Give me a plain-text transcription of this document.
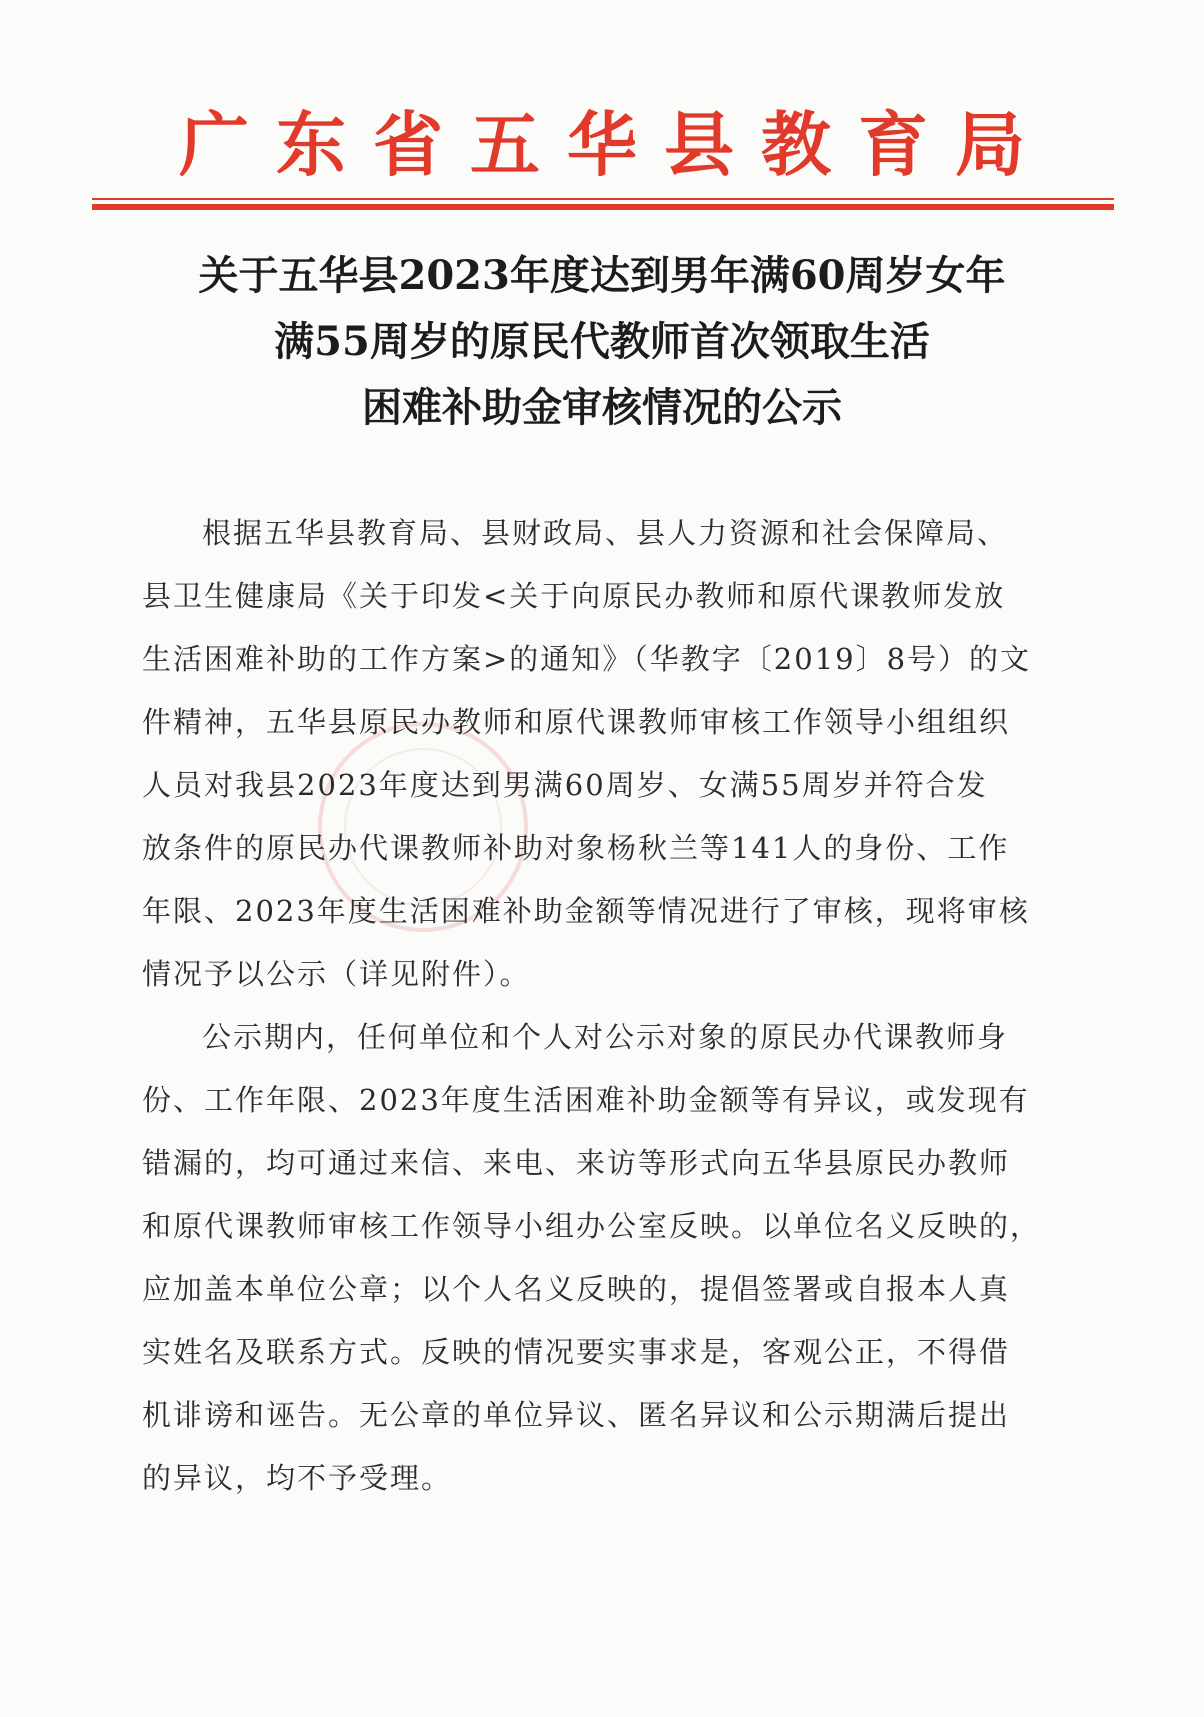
广东省五华县教育局
关于五华县2023年度达到男年满60周岁女年
满55周岁的原民代教师首次领取生活
困难补助金审核情况的公示
根据五华县教育局、县财政局、县人力资源和社会保障局、
县卫生健康局《关于印发<关于向原民办教师和原代课教师发放
生活困难补助的工作方案>的通知》（华教字〔2019〕8号）的文
件精神，五华县原民办教师和原代课教师审核工作领导小组组织
人员对我县2023年度达到男满60周岁、女满55周岁并符合发
放条件的原民办代课教师补助对象杨秋兰等141人的身份、工作
年限、2023年度生活困难补助金额等情况进行了审核，现将审核
情况予以公示（详见附件）。
公示期内，任何单位和个人对公示对象的原民办代课教师身
份、工作年限、2023年度生活困难补助金额等有异议，或发现有
错漏的，均可通过来信、来电、来访等形式向五华县原民办教师
和原代课教师审核工作领导小组办公室反映。以单位名义反映的，
应加盖本单位公章；以个人名义反映的，提倡签署或自报本人真
实姓名及联系方式。反映的情况要实事求是，客观公正，不得借
机诽谤和诬告。无公章的单位异议、匿名异议和公示期满后提出
的异议，均不予受理。
